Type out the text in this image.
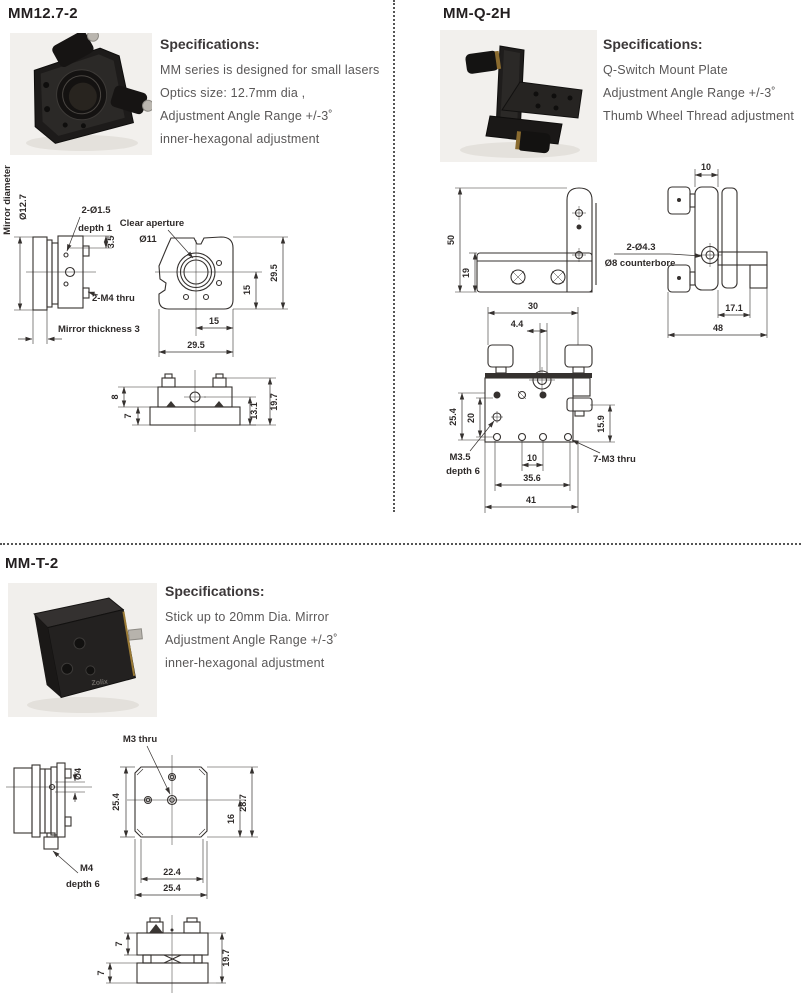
MM12.7-2
Specifications:

MM series is designed for small lasers

Optics size: 12.7mm dia ,

Adjustment Angle Range +/-3˚

inner-hexagonal adjustment

Mirror diameter Ø12.7	2-Ø1.5
depth 1
3.5
2-M4 thru
Mirror thickness 3
Clear aperture
Ø11
29.5
15
15
29.5
8
7	13.1
19.7
MM-Q-2H
Specifications:

Q-Switch Mount Plate

Adjustment Angle Range +/-3˚

Thumb Wheel Thread adjustment

50
19
30
4.4
25.4 20	15.9
M3.5
depth 6
7-M3 thru
10
35.6
41
10
2-Ø4.3
Ø8 counterbore
17.1
48
MM-T-2
Zolix
Specifications:

Stick up to 20mm Dia. Mirror

Adjustment Angle Range +/-3˚

inner-hexagonal adjustment

Ø4
M4
depth 6
M3 thru
25.4
16
28.7
22.4
25.4
7
7
19.7
